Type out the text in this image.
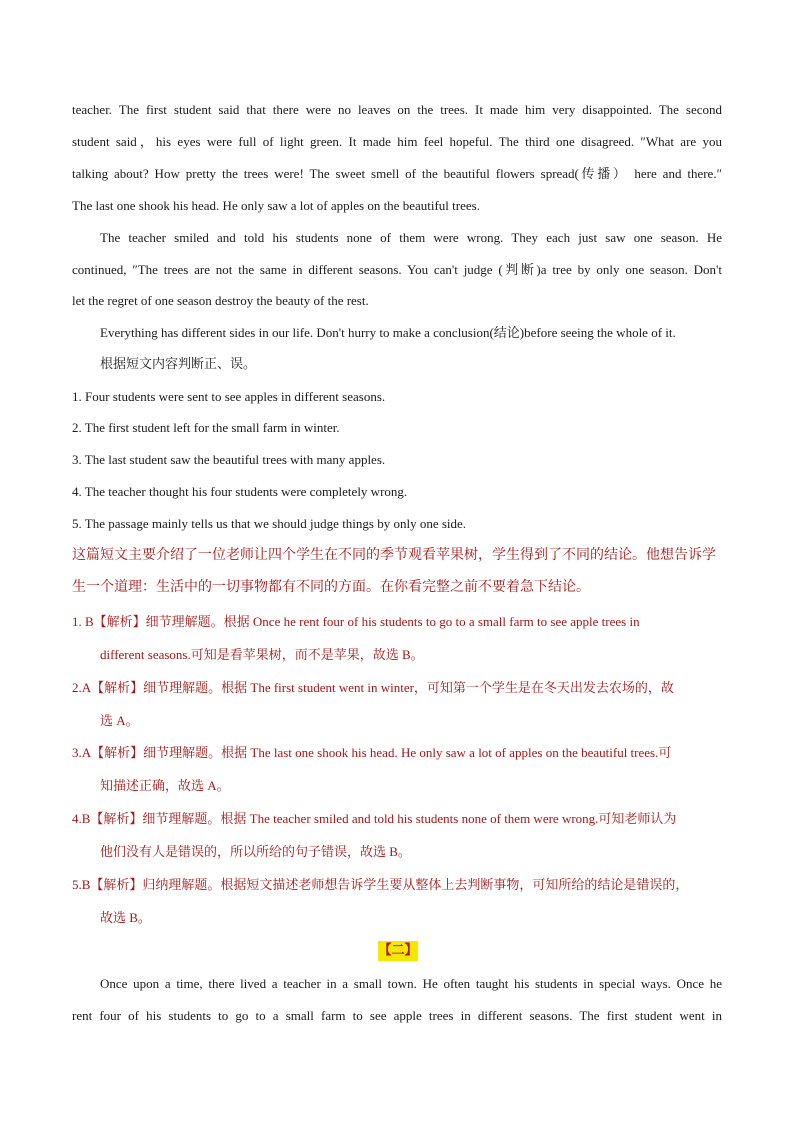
teacher. The first student said that there were no leaves on the trees. It made him very disappointed. The second
student said，his eyes were full of light green. It made him feel hopeful. The third one disagreed. ″What are you
talking about? How pretty the trees were! The sweet smell of the beautiful flowers spread(传播） here and there.″
The last one shook his head. He only saw a lot of apples on the beautiful trees.
The teacher smiled and told his students none of them were wrong. They each just saw one season. He
continued, ″The trees are not the same in different seasons. You can't judge (判断)a tree by only one season. Don't
let the regret of one season destroy the beauty of the rest.
Everything has different sides in our life. Don't hurry to make a conclusion(结论)before seeing the whole of it.
根据短文内容判断正、误。
1. Four students were sent to see apples in different seasons.
2. The first student left for the small farm in winter.
3. The last student saw the beautiful trees with many apples.
4. The teacher thought his four students were completely wrong.
5. The passage mainly tells us that we should judge things by only one side.
这篇短文主要介绍了一位老师让四个学生在不同的季节观看苹果树，学生得到了不同的结论。他想告诉学
生一个道理：生活中的一切事物都有不同的方面。在你看完整之前不要着急下结论。
1. B【解析】细节理解题。根据 Once he rent four of his students to go to a small farm to see apple trees in
different seasons.可知是看苹果树，而不是苹果，故选 B。
2.A【解析】细节理解题。根据 The first student went in winter，可知第一个学生是在冬天出发去农场的，故
选 A。
3.A【解析】细节理解题。根据 The last one shook his head. He only saw a lot of apples on the beautiful trees.可
知描述正确，故选 A。
4.B【解析】细节理解题。根据 The teacher smiled and told his students none of them were wrong.可知老师认为
他们没有人是错误的，所以所给的句子错误，故选 B。
5.B【解析】归纳理解题。根据短文描述老师想告诉学生要从整体上去判断事物，可知所给的结论是错误的，
故选 B。
【二】
Once upon a time, there lived a teacher in a small town. He often taught his students in special ways. Once he
rent four of his students to go to a small farm to see apple trees in different seasons. The first student went in
